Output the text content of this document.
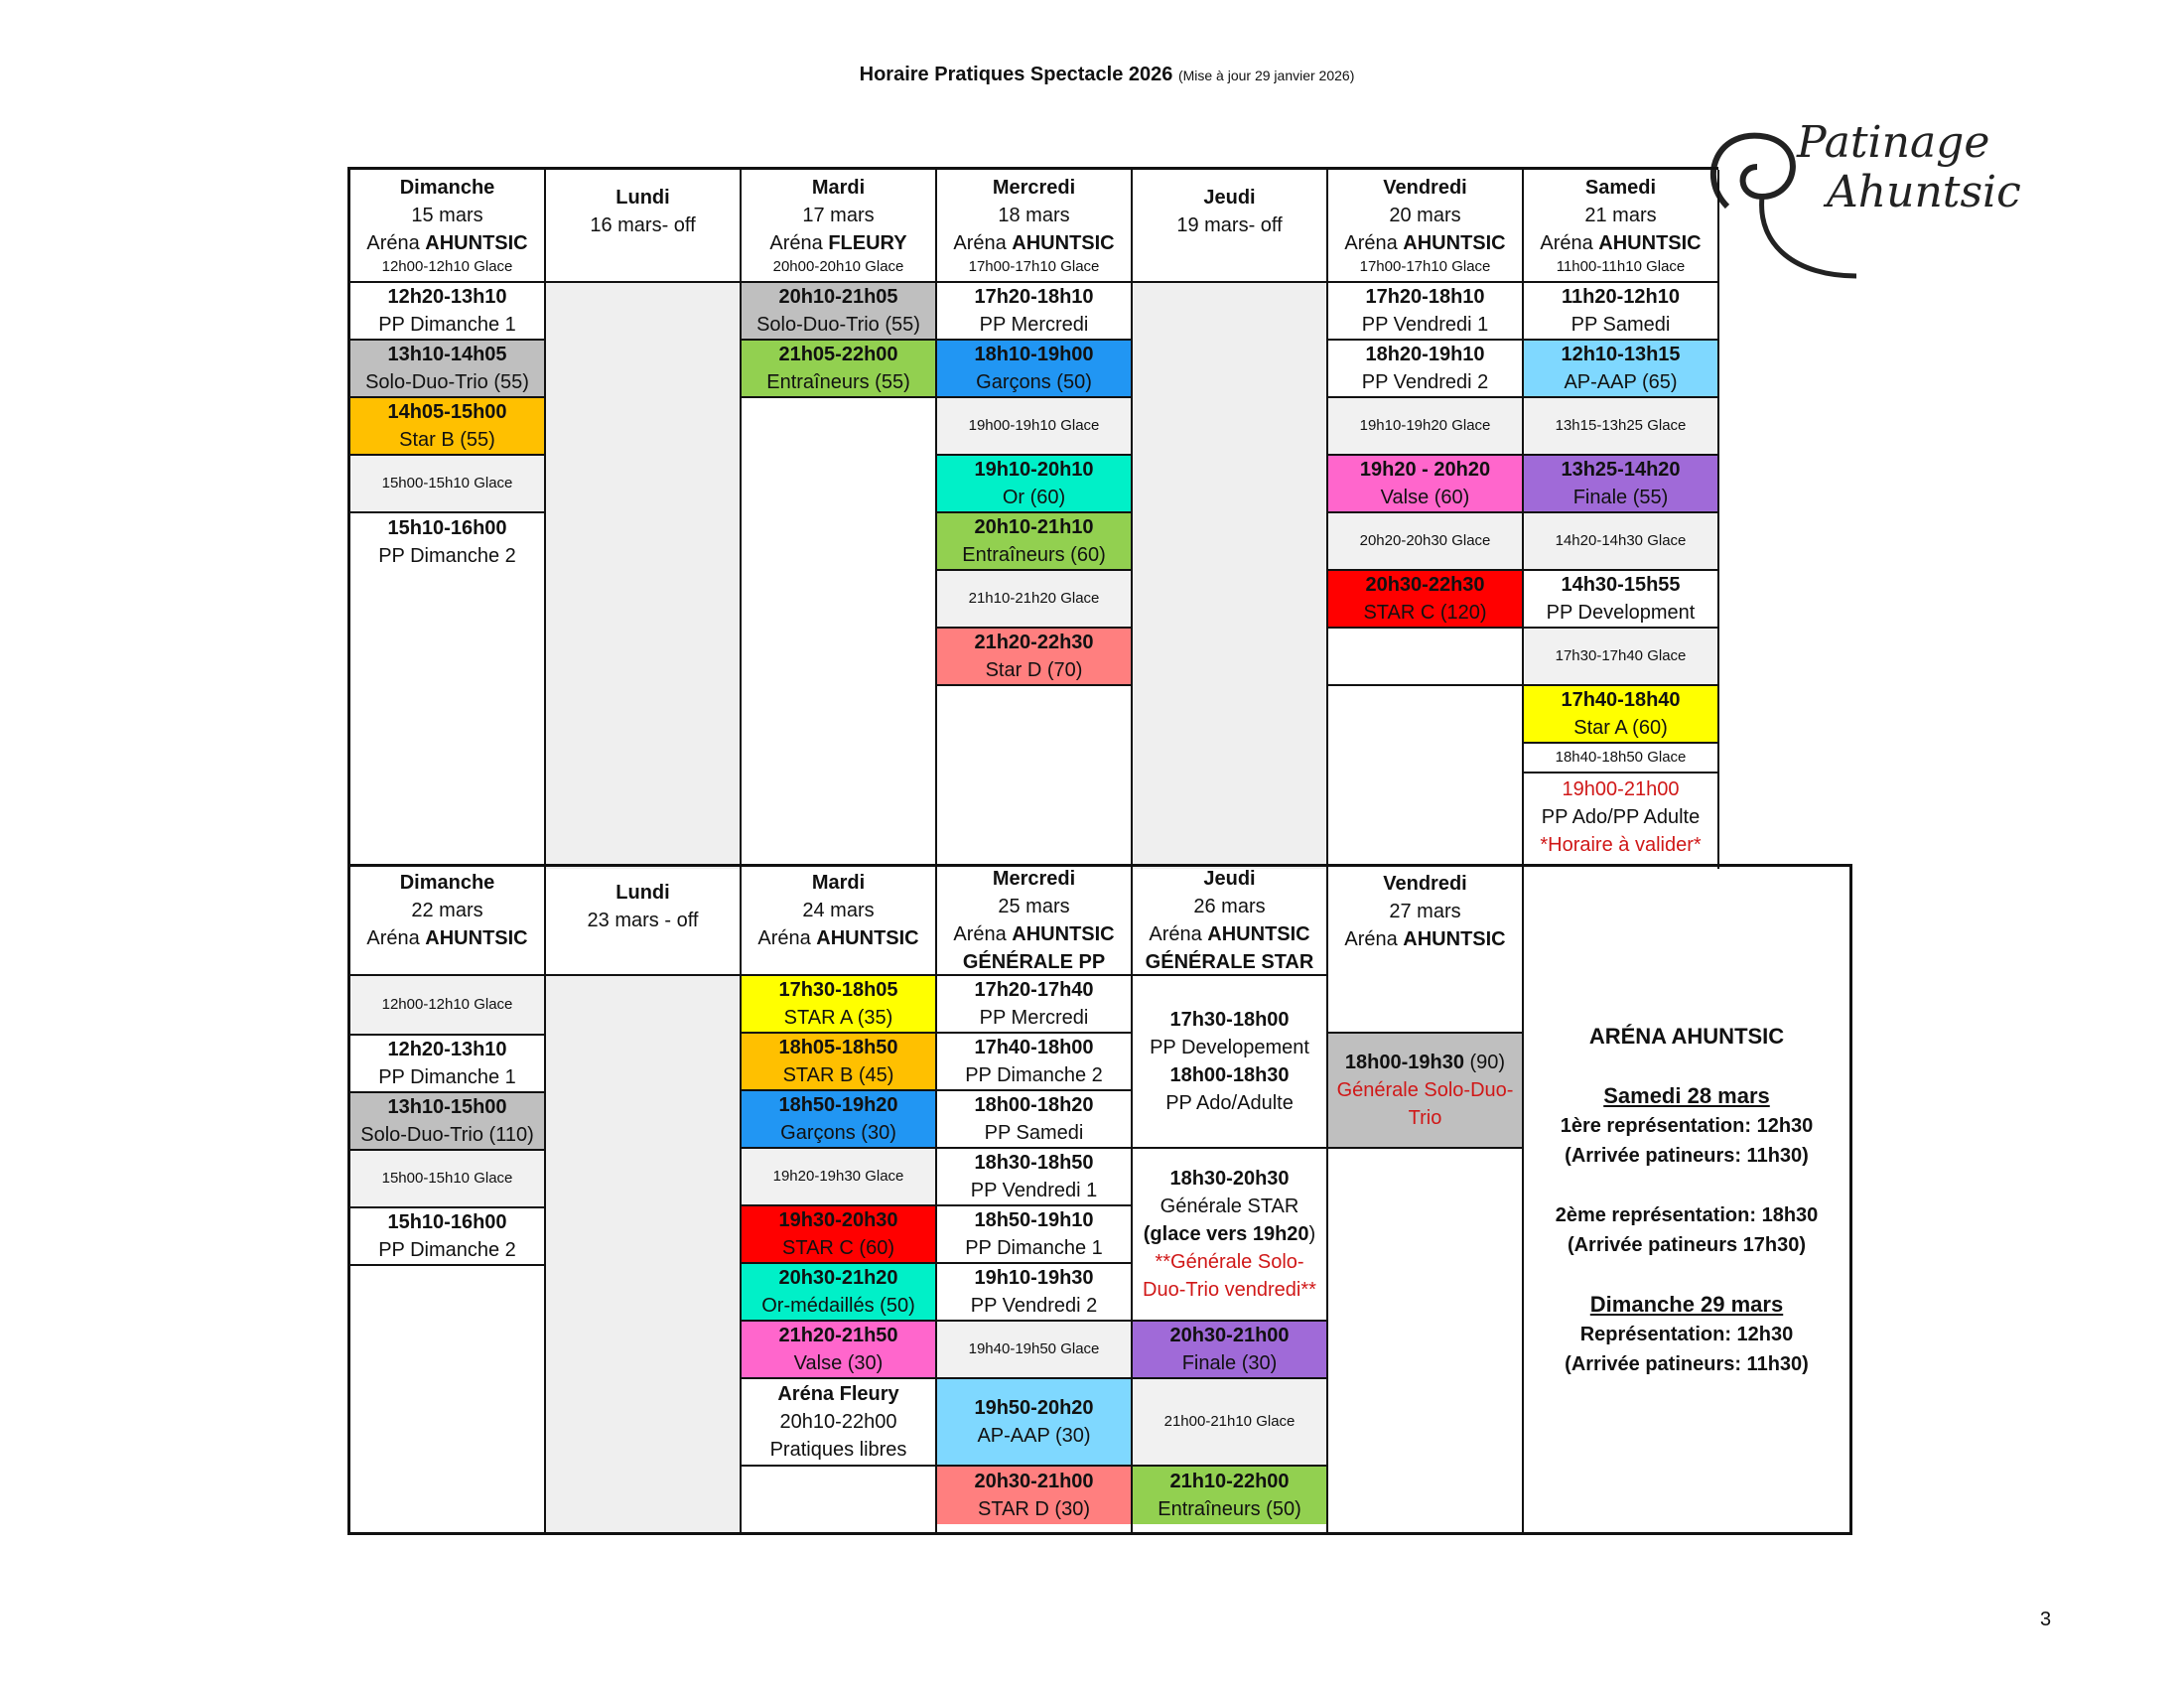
Horaire Pratiques Spectacle 2026 (Mise à jour 29 janvier 2026)
Patinage
Ahuntsic
Dimanche
15 mars
Aréna AHUNTSIC
12h00-12h10 Glace
12h20-13h10
PP Dimanche 1
13h10-14h05
Solo-Duo-Trio (55)
14h05-15h00
Star B (55)
15h00-15h10 Glace
15h10-16h00
PP Dimanche 2
Lundi
16 mars- off
Mardi
17 mars
Aréna FLEURY
20h00-20h10 Glace
20h10-21h05
Solo-Duo-Trio (55)
21h05-22h00
Entraîneurs (55)
Mercredi
18 mars
Aréna AHUNTSIC
17h00-17h10 Glace
17h20-18h10
PP Mercredi
18h10-19h00
Garçons (50)
19h00-19h10 Glace
19h10-20h10
Or (60)
20h10-21h10
Entraîneurs (60)
21h10-21h20 Glace
21h20-22h30
Star D (70)
Jeudi
19 mars- off
Vendredi
20 mars
Aréna AHUNTSIC
17h00-17h10 Glace
17h20-18h10
PP Vendredi 1
18h20-19h10
PP Vendredi 2
19h10-19h20 Glace
19h20 - 20h20
Valse (60)
20h20-20h30 Glace
20h30-22h30
STAR C (120)
Samedi
21 mars
Aréna AHUNTSIC
11h00-11h10 Glace
11h20-12h10
PP Samedi
12h10-13h15
AP-AAP (65)
13h15-13h25 Glace
13h25-14h20
Finale (55)
14h20-14h30 Glace
14h30-15h55
PP Development
17h30-17h40 Glace
17h40-18h40
Star A (60)
18h40-18h50 Glace
19h00-21h00
PP Ado/PP Adulte
*Horaire à valider*
Dimanche
22 mars
Aréna AHUNTSIC
12h00-12h10 Glace
12h20-13h10
PP Dimanche 1
13h10-15h00
Solo-Duo-Trio (110)
15h00-15h10 Glace
15h10-16h00
PP Dimanche 2
Lundi
23 mars - off
Mardi
24 mars
Aréna AHUNTSIC
17h30-18h05
STAR A (35)
18h05-18h50
STAR B (45)
18h50-19h20
Garçons (30)
19h20-19h30 Glace
19h30-20h30
STAR C (60)
20h30-21h20
Or-médaillés (50)
21h20-21h50
Valse (30)
Aréna Fleury
20h10-22h00
Pratiques libres
Mercredi
25 mars
Aréna AHUNTSIC
GÉNÉRALE PP
17h20-17h40
PP Mercredi
17h40-18h00
PP Dimanche 2
18h00-18h20
PP Samedi
18h30-18h50
PP Vendredi 1
18h50-19h10
PP Dimanche 1
19h10-19h30
PP Vendredi 2
19h40-19h50 Glace
19h50-20h20
AP-AAP (30)
20h30-21h00
STAR D (30)
Jeudi
26 mars
Aréna AHUNTSIC
GÉNÉRALE STAR
17h30-18h00
PP Developement
18h00-18h30
PP Ado/Adulte
18h30-20h30
Générale STAR
(glace vers 19h20)
**Générale Solo-Duo-Trio vendredi**
20h30-21h00
Finale (30)
21h00-21h10 Glace
21h10-22h00
Entraîneurs (50)
Vendredi
27 mars
Aréna AHUNTSIC
18h00-19h30 (90)
Générale Solo-Duo-Trio
ARÉNA AHUNTSIC
Samedi 28 mars
1ère représentation: 12h30
(Arrivée patineurs: 11h30)
2ème représentation: 18h30
(Arrivée patineurs 17h30)
Dimanche 29 mars
Représentation: 12h30
(Arrivée patineurs: 11h30)
3
